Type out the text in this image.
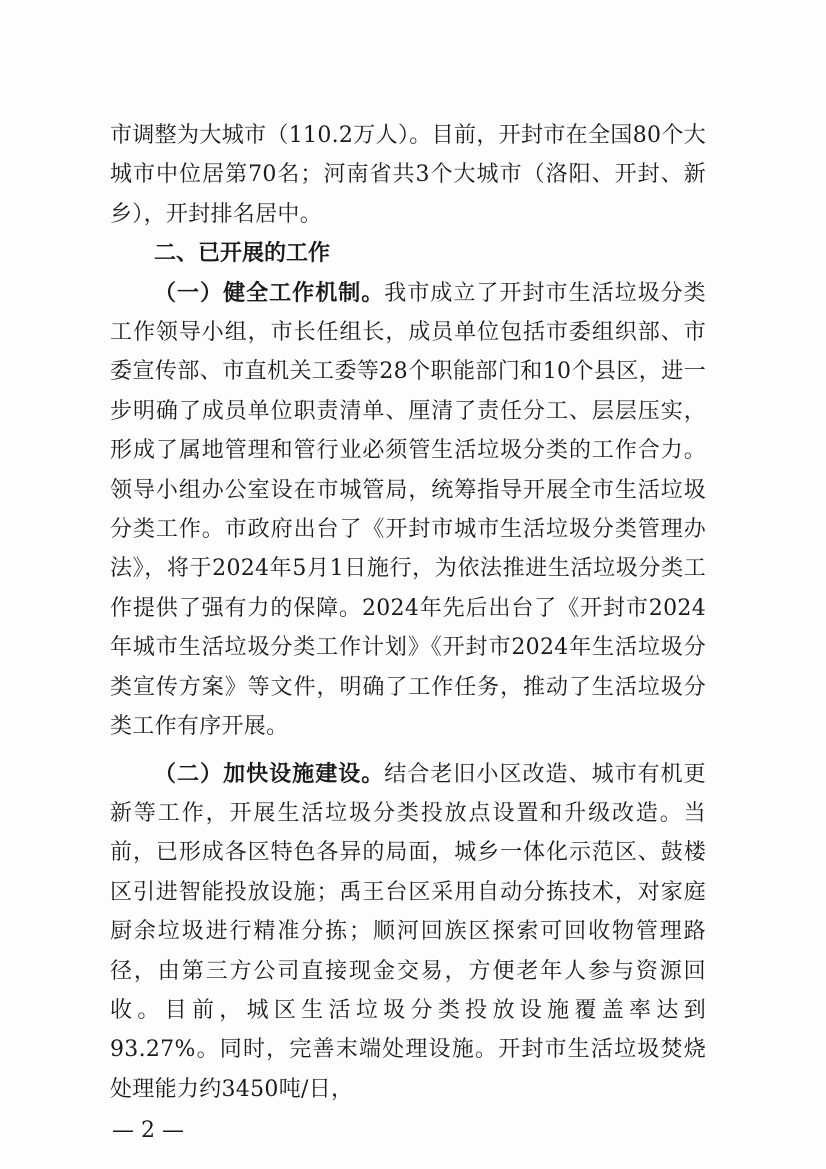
市调整为大城市（110.2万人）。目前，开封市在全国80个大城市中位居第70名；河南省共3个大城市（洛阳、开封、新乡），开封排名居中。

二、已开展的工作

（一）健全工作机制。我市成立了开封市生活垃圾分类工作领导小组，市长任组长，成员单位包括市委组织部、市委宣传部、市直机关工委等28个职能部门和10个县区，进一步明确了成员单位职责清单、厘清了责任分工、层层压实，形成了属地管理和管行业必须管生活垃圾分类的工作合力。领导小组办公室设在市城管局，统筹指导开展全市生活垃圾分类工作。市政府出台了《开封市城市生活垃圾分类管理办法》，将于2024年5月1日施行，为依法推进生活垃圾分类工作提供了强有力的保障。2024年先后出台了《开封市2024年城市生活垃圾分类工作计划》《开封市2024年生活垃圾分类宣传方案》等文件，明确了工作任务，推动了生活垃圾分类工作有序开展。

（二）加快设施建设。结合老旧小区改造、城市有机更新等工作，开展生活垃圾分类投放点设置和升级改造。当前，已形成各区特色各异的局面，城乡一体化示范区、鼓楼区引进智能投放设施；禹王台区采用自动分拣技术，对家庭厨余垃圾进行精准分拣；顺河回族区探索可回收物管理路径，由第三方公司直接现金交易，方便老年人参与资源回收。目前，城区生活垃圾分类投放设施覆盖率达到93.27%。同时，完善末端处理设施。开封市生活垃圾焚烧处理能力约3450吨/日，

— 2 —
